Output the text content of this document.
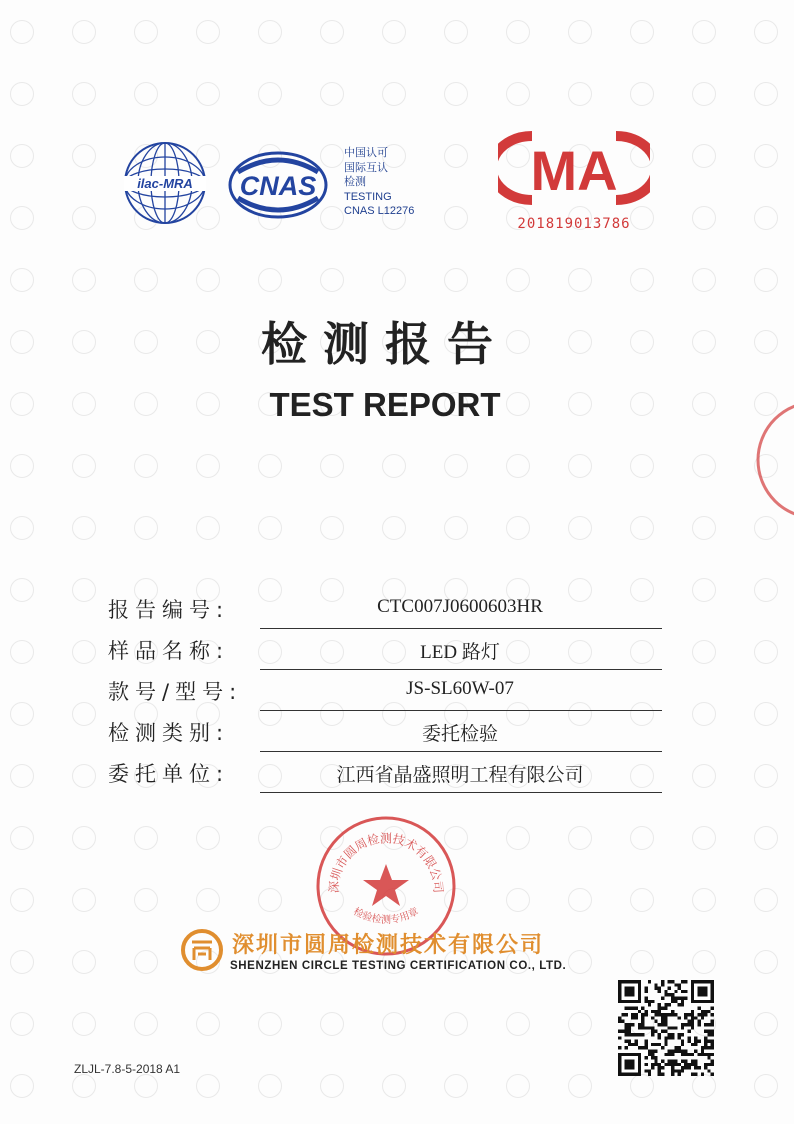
ilac-MRA CNAS
中国认可
国际互认
检测
TESTING
CNAS L12276
MA
201819013786
检测报告
TEST REPORT
报告编号:	CTC007J0600603HR
样品名称:	LED 路灯
款号/型号:	JS-SL60W-07
检测类别:	委托检验
委托单位:	江西省晶盛照明工程有限公司
深圳市圆周检测技术有限公司
检验检测专用章
深圳市圆周检测技术有限公司
SHENZHEN CIRCLE TESTING CERTIFICATION CO., LTD.
ZLJL-7.8-5-2018 A1
